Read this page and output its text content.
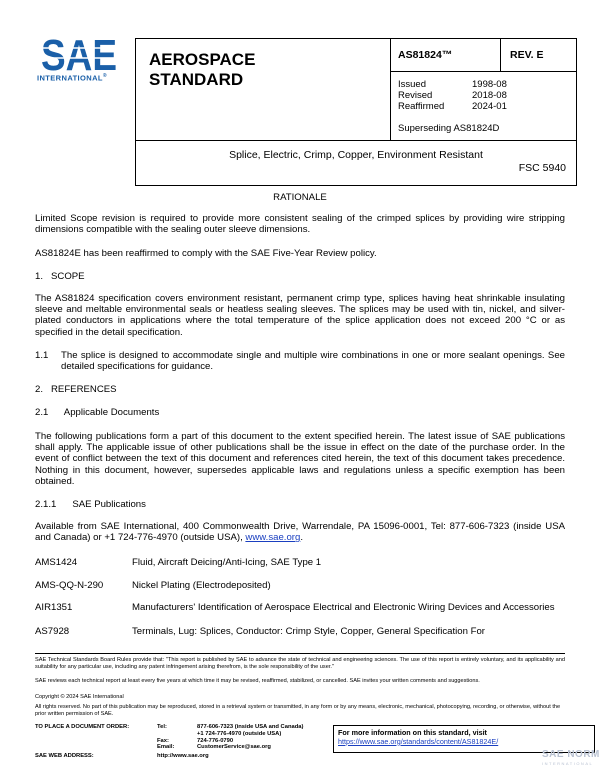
SAE
INTERNATIONAL®
AEROSPACE
STANDARD
AS81824™	REV. E
Issued	1998-08
Revised	2018-08
Reaffirmed	2024-01
Superseding AS81824D
Splice, Electric, Crimp, Copper, Environment Resistant
FSC 5940
RATIONALE
Limited Scope revision is required to provide more consistent sealing of the crimped splices by providing wire stripping dimensions compatible with the sealing outer sleeve dimensions.
AS81824E has been reaffirmed to comply with the SAE Five-Year Review policy.
1.   SCOPE
The AS81824 specification covers environment resistant, permanent crimp type, splices having heat shrinkable insulating sleeve and meltable environmental seals or heatless sealing sleeves. The splices may be used with tin, nickel, and silver-plated conductors in applications where the total temperature of the splice application does not exceed 200 °C or as specified in the detail specification.
1.1	The splice is designed to accommodate single and multiple wire combinations in one or more sealant openings. See detailed specifications for guidance.
2.   REFERENCES
2.1      Applicable Documents
The following publications form a part of this document to the extent specified herein. The latest issue of SAE publications shall apply. The applicable issue of other publications shall be the issue in effect on the date of the purchase order. In the event of conflict between the text of this document and references cited herein, the text of this document takes precedence. Nothing in this document, however, supersedes applicable laws and regulations unless a specific exemption has been obtained.
2.1.1      SAE Publications
Available from SAE International, 400 Commonwealth Drive, Warrendale, PA 15096-0001, Tel: 877-606-7323 (inside USA and Canada) or +1 724-776-4970 (outside USA), www.sae.org.
AMS1424	Fluid, Aircraft Deicing/Anti-Icing, SAE Type 1
AMS-QQ-N-290	Nickel Plating (Electrodeposited)
AIR1351	Manufacturers' Identification of Aerospace Electrical and Electronic Wiring Devices and Accessories
AS7928	Terminals, Lug: Splices, Conductor: Crimp Style, Copper, General Specification For
SAE Technical Standards Board Rules provide that: "This report is published by SAE to advance the state of technical and engineering sciences. The use of this report is entirely voluntary, and its applicability and suitability for any particular use, including any patent infringement arising therefrom, is the sole responsibility of the user."
SAE reviews each technical report at least every five years at which time it may be revised, reaffirmed, stabilized, or cancelled. SAE invites your written comments and suggestions.
Copyright © 2024 SAE International
All rights reserved. No part of this publication may be reproduced, stored in a retrieval system or transmitted, in any form or by any means, electronic, mechanical, photocopying, recording, or otherwise, without the prior written permission of SAE.
TO PLACE A DOCUMENT ORDER:	Tel:	877-606-7323 (inside USA and Canada)
+1 724-776-4970 (outside USA)
Fax:	724-776-0790
Email:	CustomerService@sae.org
SAE WEB ADDRESS:	http://www.sae.org
For more information on this standard, visit
https://www.sae.org/standards/content/AS81824E/
SAE NORM
INTERNATIONAL
